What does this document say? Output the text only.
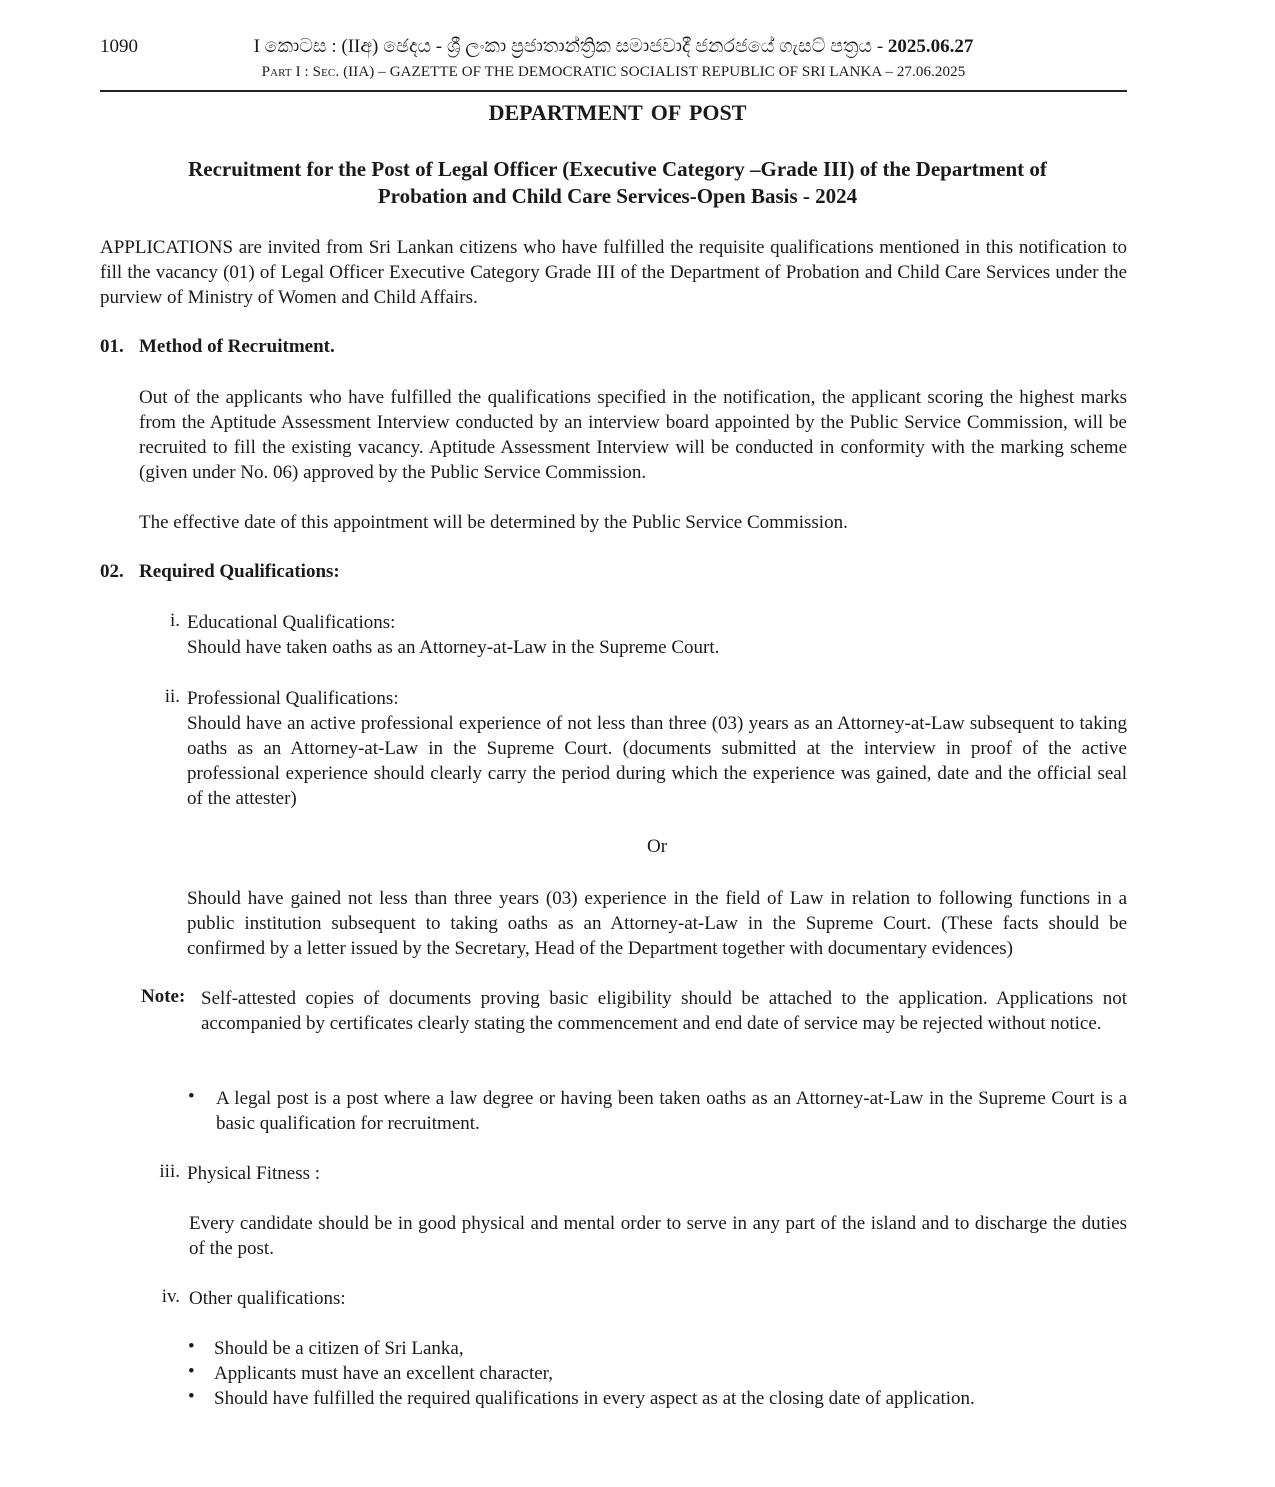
1090	I කොටස : (IIඅ) ඡෙදය - ශ්‍රී ලංකා ප්‍රජාතාන්ත්‍රික සමාජවාදී ජනරජයේ ගැසට් පත්‍රය - 2025.06.27
Part I : Sec. (IIA) – GAZETTE OF THE DEMOCRATIC SOCIALIST REPUBLIC OF SRI LANKA – 27.06.2025
DEPARTMENT OF POST
Recruitment for the Post of Legal Officer (Executive Category –Grade III) of the Department of
Probation and Child Care Services-Open Basis - 2024
APPLICATIONS are invited from Sri Lankan citizens who have fulfilled the requisite qualifications mentioned in this notification to fill the vacancy (01) of Legal Officer Executive Category Grade III of the Department of Probation and Child Care Services under the purview of Ministry of Women and Child Affairs.
01. Method of Recruitment.
Out of the applicants who have fulfilled the qualifications specified in the notification, the applicant scoring the highest marks from the Aptitude Assessment Interview conducted by an interview board appointed by the Public Service Commission, will be recruited to fill the existing vacancy. Aptitude Assessment Interview will be conducted in conformity with the marking scheme (given under No. 06) approved by the Public Service Commission.
The effective date of this appointment will be determined by the Public Service Commission.
02. Required Qualifications:
i. Educational Qualifications:
Should have taken oaths as an Attorney-at-Law in the Supreme Court.
ii. Professional Qualifications:
Should have an active professional experience of not less than three (03) years as an Attorney-at-Law subsequent to taking oaths as an Attorney-at-Law in the Supreme Court. (documents submitted at the interview in proof of the active professional experience should clearly carry the period during which the experience was gained, date and the official seal of the attester)
Or
Should have gained not less than three years (03) experience in the field of Law in relation to following functions in a public institution subsequent to taking oaths as an Attorney-at-Law in the Supreme Court. (These facts should be confirmed by a letter issued by the Secretary, Head of the Department together with documentary evidences)
Note: Self-attested copies of documents proving basic eligibility should be attached to the application. Applications not accompanied by certificates clearly stating the commencement and end date of service may be rejected without notice.
• A legal post is a post where a law degree or having been taken oaths as an Attorney-at-Law in the Supreme Court is a basic qualification for recruitment.
iii. Physical Fitness :
Every candidate should be in good physical and mental order to serve in any part of the island and to discharge the duties of the post.
iv. Other qualifications:
• Should be a citizen of Sri Lanka,
• Applicants must have an excellent character,
• Should have fulfilled the required qualifications in every aspect as at the closing date of application.
